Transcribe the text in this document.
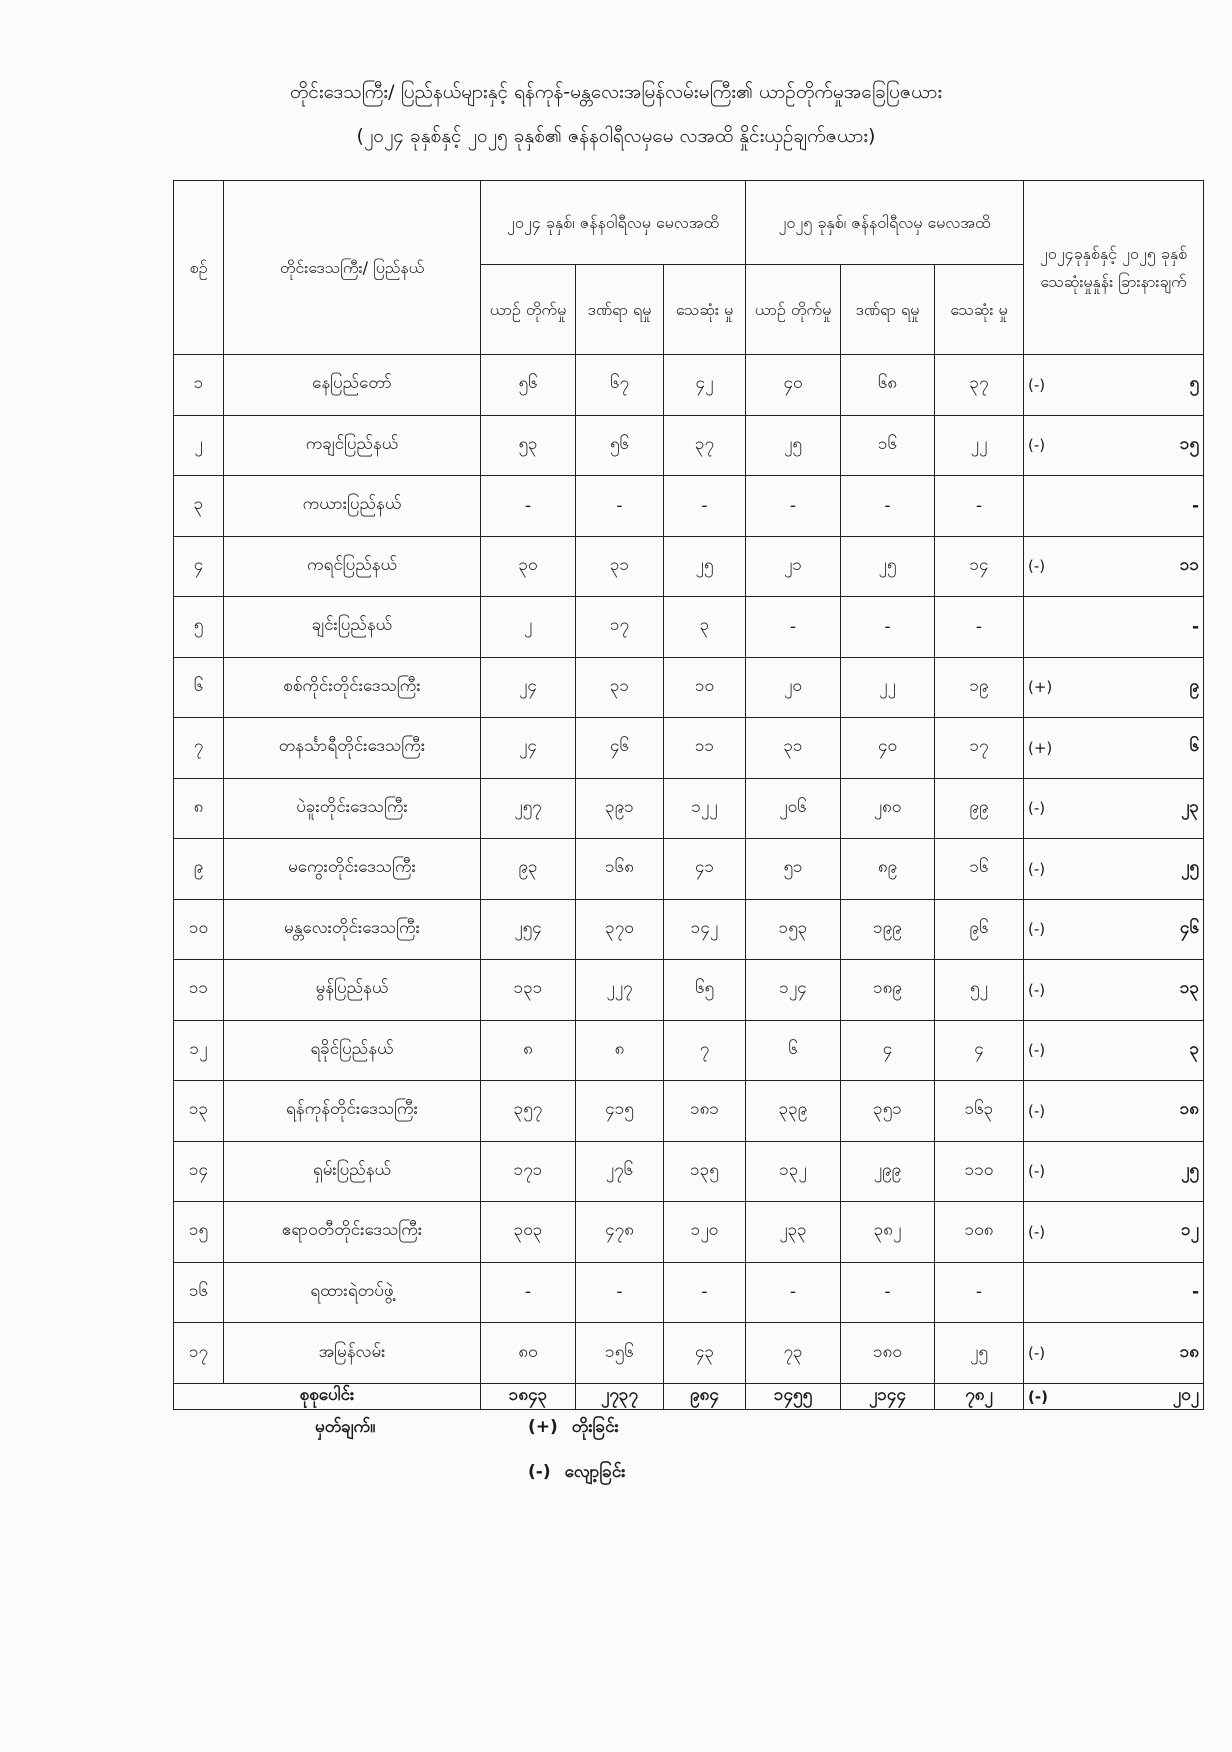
တိုင်းဒေသကြီး/ ပြည်နယ်များနှင့် ရန်ကုန်-မန္တလေးအမြန်လမ်းမကြီး၏ ယာဉ်တိုက်မှုအခြေပြဇယား
(၂၀၂၄ ခုနှစ်နှင့် ၂၀၂၅ ခုနှစ်၏ ဇန်နဝါရီလမှမေ လအထိ နှိုင်းယှဉ်ချက်ဇယား)
စဉ်	တိုင်းဒေသကြီး/ ပြည်နယ်	၂၀၂၄ ခုနှစ်၊ ဇန်နဝါရီလမှ မေလအထိ			၂၀၂၅ ခုနှစ်၊ ဇန်နဝါရီလမှ မေလအထိ			၂၀၂၄ခုနှစ်နှင့် ၂၀၂၅ ခုနှစ် သေဆုံးမှုနှုန်း ခြားနားချက်
		ယာဉ် တိုက်မှု	ဒဏ်ရာ ရမှု	သေဆုံး မှု	ယာဉ် တိုက်မှု	ဒဏ်ရာ ရမှု	သေဆုံး မှု	
၁	နေပြည်တော်	၅၆	၆၇	၄၂	၄၀	၆၈	၃၇	(-) ၅

၂	ကချင်ပြည်နယ်	၅၃	၅၆	၃၇	၂၅	၁၆	၂၂	(-) ၁၅

၃	ကယားပြည်နယ်	-	-	-	-	-	-	-

၄	ကရင်ပြည်နယ်	၃၀	၃၁	၂၅	၂၁	၂၅	၁၄	(-) ၁၁

၅	ချင်းပြည်နယ်	၂	၁၇	၃	-	-	-	-

၆	စစ်ကိုင်းတိုင်းဒေသကြီး	၂၄	၃၁	၁၀	၂၀	၂၂	၁၉	(+) ၉

၇	တနင်္သာရီတိုင်းဒေသကြီး	၂၄	၄၆	၁၁	၃၁	၄၀	၁၇	(+) ၆

၈	ပဲခူးတိုင်းဒေသကြီး	၂၅၇	၃၉၁	၁၂၂	၂၀၆	၂၈၀	၉၉	(-) ၂၃

၉	မကွေးတိုင်းဒေသကြီး	၉၃	၁၆၈	၄၁	၅၁	၈၉	၁၆	(-) ၂၅

၁၀	မန္တလေးတိုင်းဒေသကြီး	၂၅၄	၃၇၀	၁၄၂	၁၅၃	၁၉၉	၉၆	(-) ၄၆

၁၁	မွန်ပြည်နယ်	၁၃၁	၂၂၇	၆၅	၁၂၄	၁၈၉	၅၂	(-) ၁၃

၁၂	ရခိုင်ပြည်နယ်	၈	၈	၇	၆	၄	၄	(-) ၃

၁၃	ရန်ကုန်တိုင်းဒေသကြီး	၃၅၇	၄၁၅	၁၈၁	၃၃၉	၃၅၁	၁၆၃	(-) ၁၈

၁၄	ရှမ်းပြည်နယ်	၁၇၁	၂၇၆	၁၃၅	၁၃၂	၂၉၉	၁၁၀	(-) ၂၅

၁၅	ဧရာဝတီတိုင်းဒေသကြီး	၃၀၃	၄၇၈	၁၂၀	၂၃၃	၃၈၂	၁၀၈	(-) ၁၂

၁၆	ရထားရဲတပ်ဖွဲ့	-	-	-	-	-	-	-

၁၇	အမြန်လမ်း	၈၀	၁၅၆	၄၃	၇၃	၁၈၀	၂၅	(-) ၁၈

စုစုပေါင်း		၁၈၄၃	၂၇၃၇	၉၈၄	၁၄၅၅	၂၁၄၄	၇၈၂	(-) ၂၀၂
မှတ်ချက်။	(+) တိုးခြင်း
(-) လျော့ခြင်း
